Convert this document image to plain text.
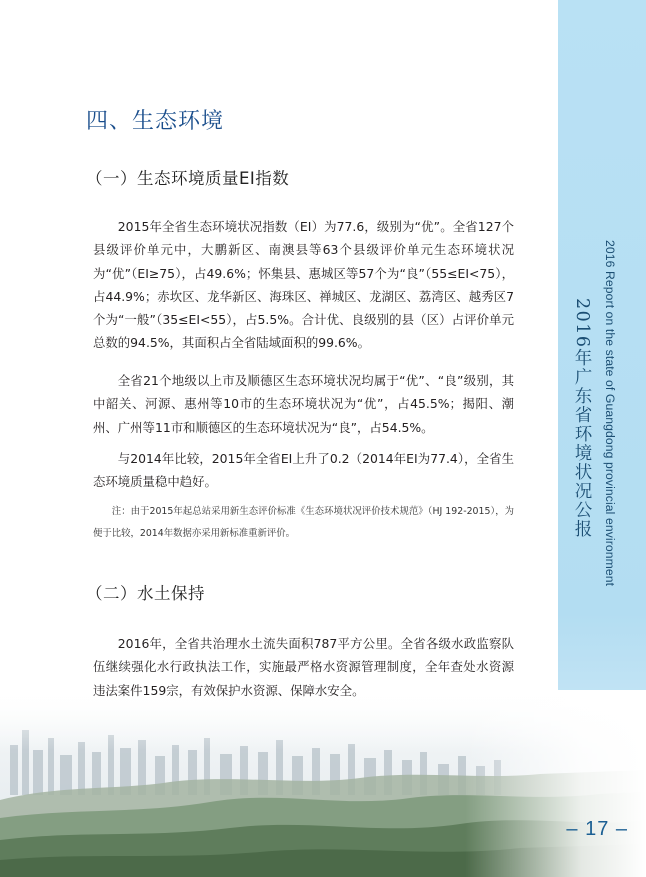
2016 Report on the state of Guangdong provincial environment
2016年广东省环境状况公报
– 17 –
四、生态环境
（一）生态环境质量EI指数

2015年全省生态环境状况指数（EI）为77.6，级别为“优”。全省127个县级评价单元中，大鹏新区、南澳县等63个县级评价单元生态环境状况为“优”（EI≥75），占49.6%；怀集县、惠城区等57个为“良”（55≤EI<75），占44.9%；赤坎区、龙华新区、海珠区、禅城区、龙湖区、荔湾区、越秀区7个为“一般”（35≤EI<55），占5.5%。合计优、良级别的县（区）占评价单元总数的94.5%，其面积占全省陆域面积的99.6%。

全省21个地级以上市及顺德区生态环境状况均属于“优”、“良”级别，其中韶关、河源、惠州等10市的生态环境状况为“优”，占45.5%；揭阳、潮州、广州等11市和顺德区的生态环境状况为“良”，占54.5%。

与2014年比较，2015年全省EI上升了0.2（2014年EI为77.4），全省生态环境质量稳中趋好。

注：由于2015年起总站采用新生态评价标准《生态环境状况评价技术规范》（HJ 192-2015），为便于比较，2014年数据亦采用新标准重新评价。

（二）水土保持

2016年，全省共治理水土流失面积787平方公里。全省各级水政监察队伍继续强化水行政执法工作，实施最严格水资源管理制度，全年查处水资源违法案件159宗，有效保护水资源、保障水安全。
